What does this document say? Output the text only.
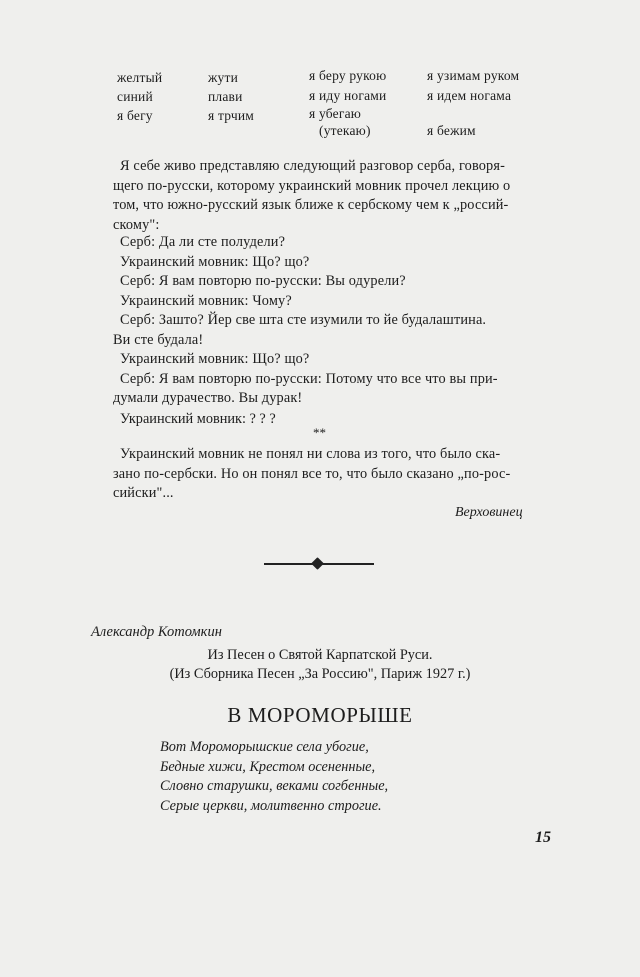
желтый
синий
я бегу
жути
плави
я трчим
я беру рукою
я иду ногами
я убегаю
(утекаю)
я узимам руком
я идем ногама
я бежим
Я себе живо представляю следующий разговор серба, говоря-
щего по-русски, которому украинский мовник прочел лекцию о
том, что южно-русский язык ближе к сербскому чем к „россий-
скому":
Серб: Да ли сте полудели?
Украинский мовник: Що? що?
Серб: Я вам повторю по-русски: Вы одурели?
Украинский мовник: Чому?
Серб: Зашто? Йер све шта сте изумили то йе будалаштина.
Ви сте будала!
Украинский мовник: Що? що?
Серб: Я вам повторю по-русски: Потому что все что вы при-
думали дурачество. Вы дурак!
Украинский мовник: ? ? ?
**
Украинский мовник не понял ни слова из того, что было ска-
зано по-сербски. Но он понял все то, что было сказано „по-рос-
сийски"...
Верховинец
Александр Котомкин
Из Песен о Святой Карпатской Руси.
(Из Сборника Песен „За Россию", Париж 1927 г.)
В МОРОМОРЫШЕ
Вот Мороморышские села убогие,
Бедные хижи, Крестом осененные,
Словно старушки, веками согбенные,
Серые церкви, молитвенно строгие.
15
